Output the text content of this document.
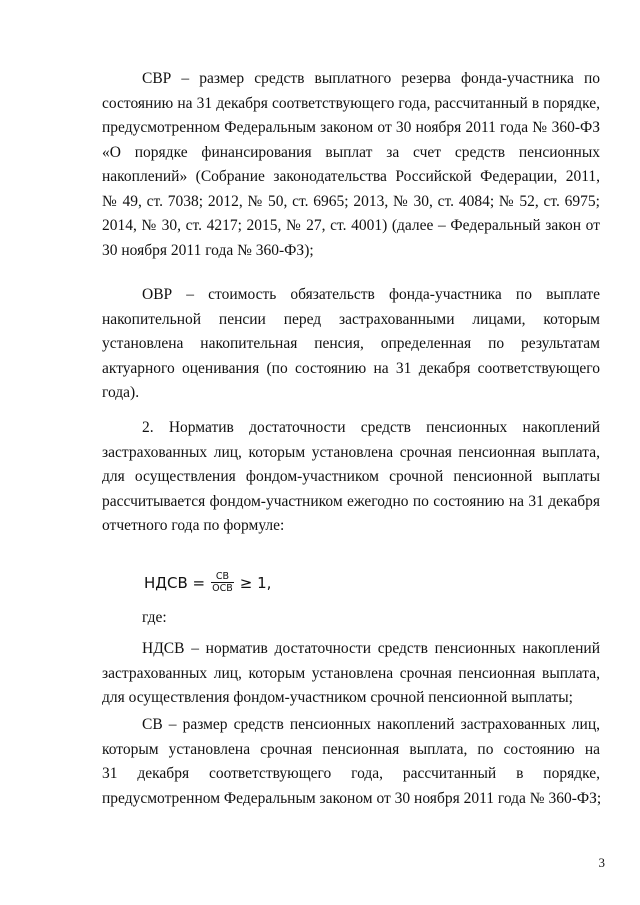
СВР – размер средств выплатного резерва фонда-участника по
состоянию на 31 декабря соответствующего года, рассчитанный в порядке,
предусмотренном Федеральным законом от 30 ноября 2011 года № 360-ФЗ
«О порядке финансирования выплат за счет средств пенсионных
накоплений» (Собрание законодательства Российской Федерации, 2011,
№ 49, ст. 7038; 2012, № 50, ст. 6965; 2013, № 30, ст. 4084; № 52, ст. 6975;
2014, № 30, ст. 4217; 2015, № 27, ст. 4001) (далее – Федеральный закон от
30 ноября 2011 года № 360-ФЗ);
ОВР – стоимость обязательств фонда-участника по выплате
накопительной пенсии перед застрахованными лицами, которым
установлена накопительная пенсия, определенная по результатам
актуарного оценивания (по состоянию на 31 декабря соответствующего
года).
2. Норматив достаточности средств пенсионных накоплений
застрахованных лиц, которым установлена срочная пенсионная выплата,
для осуществления фондом-участником срочной пенсионной выплаты
рассчитывается фондом-участником ежегодно по состоянию на 31 декабря
отчетного года по формуле:
НДСВ = $\frac{СВ}{\text{ОСВ}} \ge 1$,
где:
НДСВ – норматив достаточности средств пенсионных накоплений
застрахованных лиц, которым установлена срочная пенсионная выплата,
для осуществления фондом-участником срочной пенсионной выплаты;
СВ – размер средств пенсионных накоплений застрахованных лиц,
которым установлена срочная пенсионная выплата, по состоянию на
31 декабря соответствующего года, рассчитанный в порядке,
предусмотренном Федеральным законом от 30 ноября 2011 года № 360-ФЗ;
3
